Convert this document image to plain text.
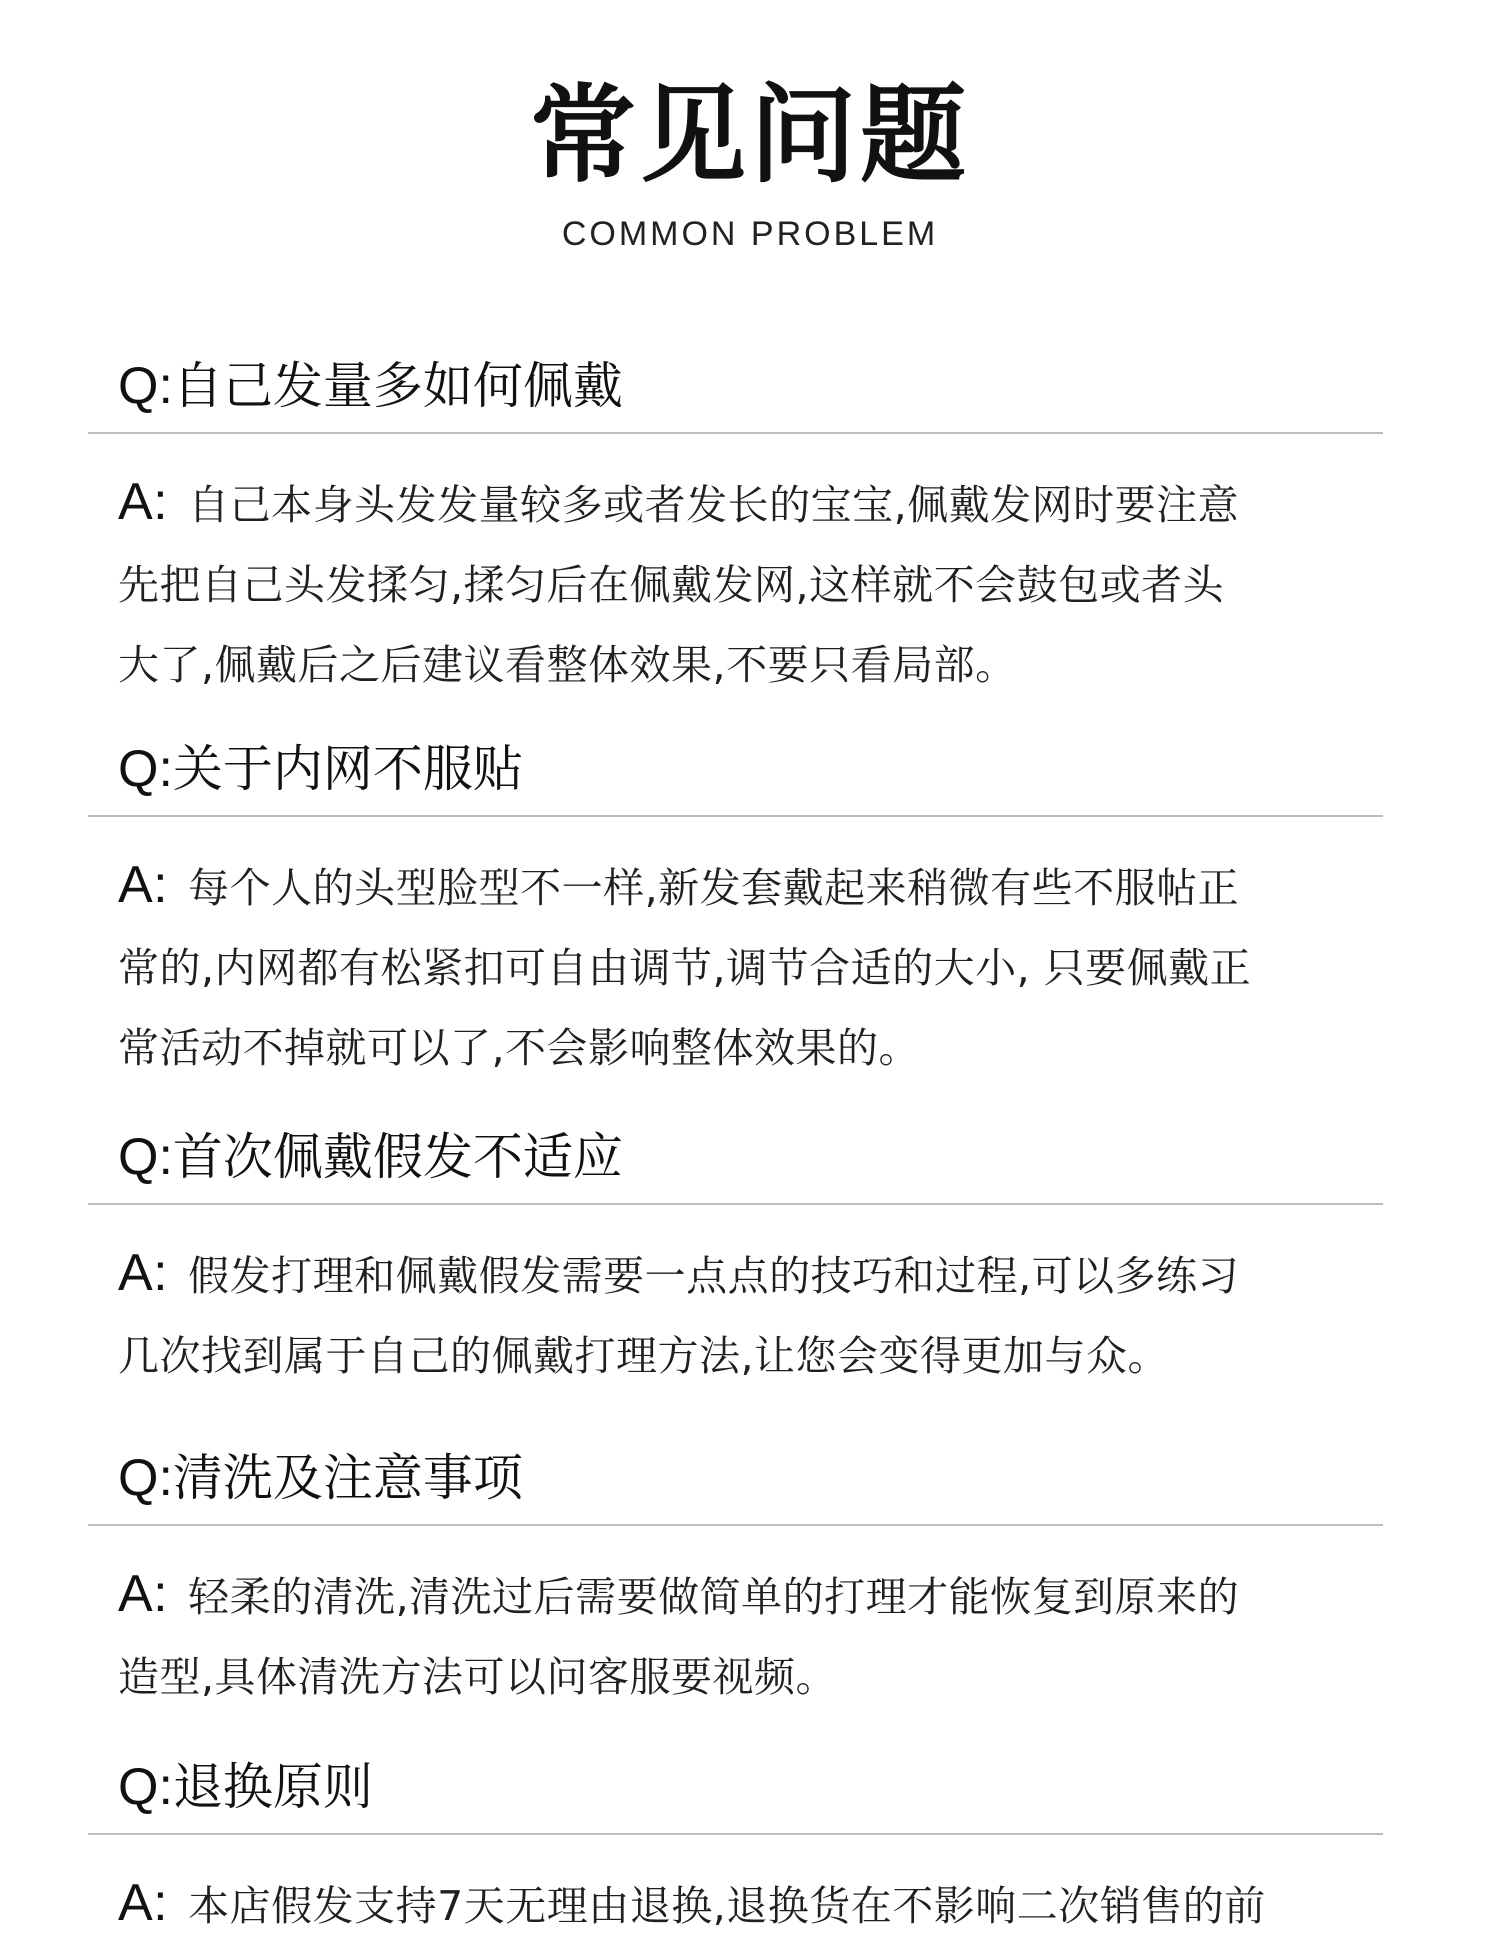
常见问题
COMMON PROBLEM
Q:自己发量多如何佩戴
A: 自己本身头发发量较多或者发长的宝宝,佩戴发网时要注意
先把自己头发揉匀,揉匀后在佩戴发网,这样就不会鼓包或者头
大了,佩戴后之后建议看整体效果,不要只看局部。
Q:关于内网不服贴
A: 每个人的头型脸型不一样,新发套戴起来稍微有些不服帖正
常的,内网都有松紧扣可自由调节,调节合适的大小, 只要佩戴正
常活动不掉就可以了,不会影响整体效果的。
Q:首次佩戴假发不适应
A: 假发打理和佩戴假发需要一点点的技巧和过程,可以多练习
几次找到属于自己的佩戴打理方法,让您会变得更加与众。
Q:清洗及注意事项
A: 轻柔的清洗,清洗过后需要做简单的打理才能恢复到原来的
造型,具体清洗方法可以问客服要视频。
Q:退换原则
A: 本店假发支持7天无理由退换,退换货在不影响二次销售的前
